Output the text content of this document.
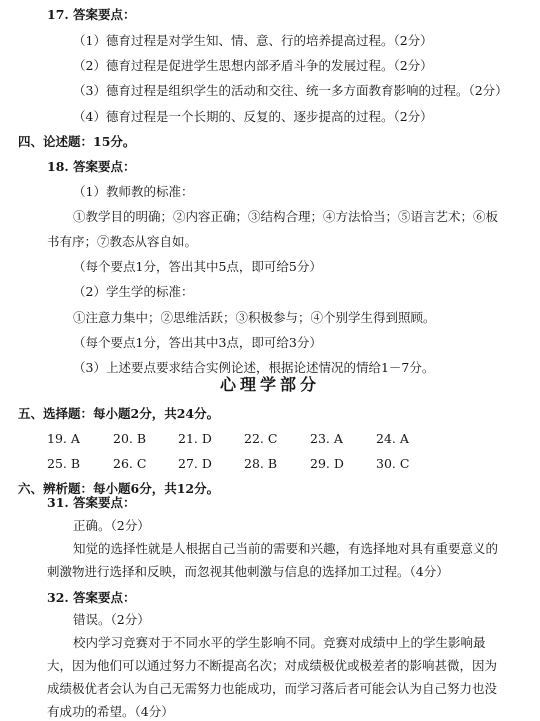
17. 答案要点：
（1）德育过程是对学生知、情、意、行的培养提高过程。（2分）
（2）德育过程是促进学生思想内部矛盾斗争的发展过程。（2分）
（3）德育过程是组织学生的活动和交往、统一多方面教育影响的过程。（2分）
（4）德育过程是一个长期的、反复的、逐步提高的过程。（2分）
四、论述题：15分。
18. 答案要点：
（1）教师教的标准：
①教学目的明确；②内容正确；③结构合理；④方法恰当；⑤语言艺术；⑥板
书有序；⑦教态从容自如。
（每个要点1分，答出其中5点，即可给5分）
（2）学生学的标准：
①注意力集中；②思维活跃；③积极参与；④个别学生得到照顾。
（每个要点1分，答出其中3点，即可给3分）
（3）上述要点要求结合实例论述，根据论述情况的情给1－7分。
心理学部分
五、选择题：每小题2分，共24分。
19. A	20. B	21. D	22. C	23. A	24. A
25. B	26. C	27. D	28. B	29. D	30. C
六、辨析题：每小题6分，共12分。
31. 答案要点：
正确。（2分）
知觉的选择性就是人根据自己当前的需要和兴趣，有选择地对具有重要意义的
刺激物进行选择和反映，而忽视其他刺激与信息的选择加工过程。（4分）
32. 答案要点：
错误。（2分）
校内学习竞赛对于不同水平的学生影响不同。竞赛对成绩中上的学生影响最
大，因为他们可以通过努力不断提高名次；对成绩极优或极差者的影响甚微，因为
成绩极优者会认为自己无需努力也能成功，而学习落后者可能会认为自己努力也没
有成功的希望。（4分）
